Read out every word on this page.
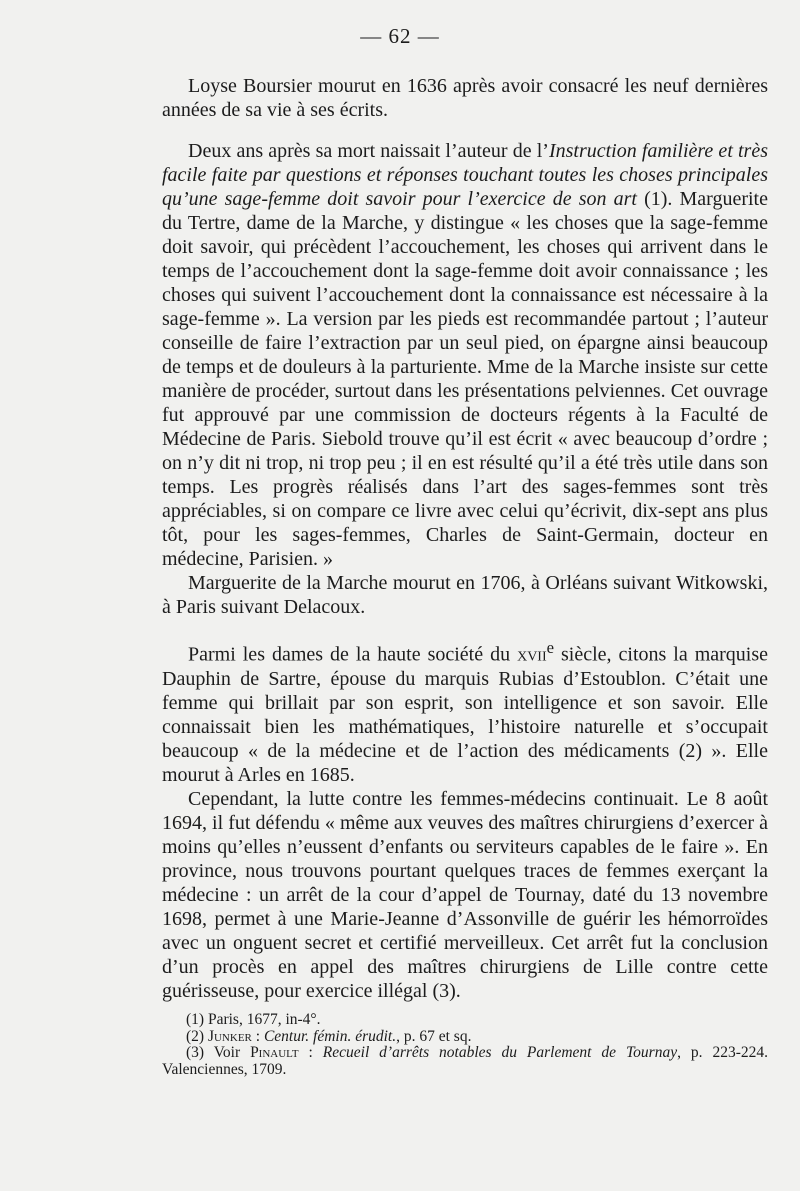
— 62 —

Loyse Boursier mourut en 1636 après avoir consacré les neuf dernières années de sa vie à ses écrits.

Deux ans après sa mort naissait l’auteur de l’Instruction familière et très facile faite par questions et réponses touchant toutes les choses principales qu’une sage-femme doit savoir pour l’exercice de son art (1). Marguerite du Tertre, dame de la Marche, y distingue « les choses que la sage-femme doit savoir, qui précèdent l’accouchement, les choses qui arrivent dans le temps de l’accouchement dont la sage-femme doit avoir connaissance ; les choses qui suivent l’accouchement dont la connaissance est nécessaire à la sage-femme ». La version par les pieds est recommandée partout ; l’auteur conseille de faire l’extraction par un seul pied, on épargne ainsi beaucoup de temps et de douleurs à la parturiente. Mme de la Marche insiste sur cette manière de procéder, surtout dans les présentations pelviennes. Cet ouvrage fut approuvé par une commission de docteurs régents à la Faculté de Médecine de Paris. Siebold trouve qu’il est écrit « avec beaucoup d’ordre ; on n’y dit ni trop, ni trop peu ; il en est résulté qu’il a été très utile dans son temps. Les progrès réalisés dans l’art des sages-femmes sont très appréciables, si on compare ce livre avec celui qu’écrivit, dix-sept ans plus tôt, pour les sages-femmes, Charles de Saint-Germain, docteur en médecine, Parisien. »

Marguerite de la Marche mourut en 1706, à Orléans suivant Witkowski, à Paris suivant Delacoux.

Parmi les dames de la haute société du xvii$^e$ siècle, citons la marquise Dauphin de Sartre, épouse du marquis Rubias d’Estoublon. C’était une femme qui brillait par son esprit, son intelligence et son savoir. Elle connaissait bien les mathématiques, l’histoire naturelle et s’occupait beaucoup « de la médecine et de l’action des médicaments (2) ». Elle mourut à Arles en 1685.

Cependant, la lutte contre les femmes-médecins continuait. Le 8 août 1694, il fut défendu « même aux veuves des maîtres chirurgiens d’exercer à moins qu’elles n’eussent d’enfants ou serviteurs capables de le faire ». En province, nous trouvons pourtant quelques traces de femmes exerçant la médecine : un arrêt de la cour d’appel de Tournay, daté du 13 novembre 1698, permet à une Marie-Jeanne d’Assonville de guérir les hémorroïdes avec un onguent secret et certifié merveilleux. Cet arrêt fut la conclusion d’un procès en appel des maîtres chirurgiens de Lille contre cette guérisseuse, pour exercice illégal (3).

(1) Paris, 1677, in-4°.

(2) Junker : Centur. fémin. érudit., p. 67 et sq.

(3) Voir Pinault : Recueil d’arrêts notables du Parlement de Tournay, p. 223-224. Valenciennes, 1709.
